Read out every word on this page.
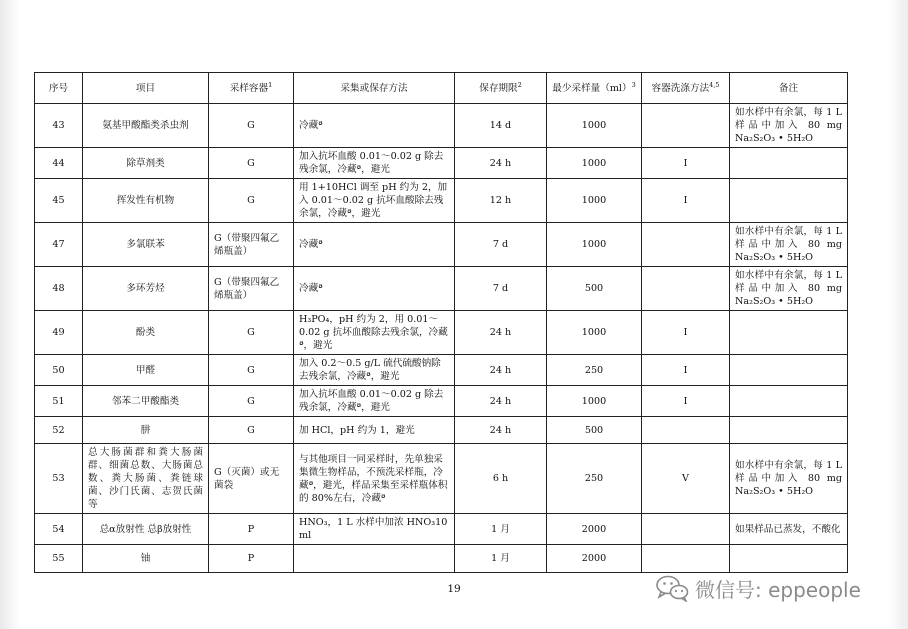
序号	项目	采样容器$^1$	采集或保存方法	保存期限$^2$	最少采样量（ml）$^3$	容器洗涤方法$^{4,5}$	备注
43	氨基甲酸酯类杀虫剂	G	冷藏ª	14 d	1000		如水样中有余氯，每 1 L 样品中加入 80 mg Na₂S₂O₃ • 5H₂O
44	除草剂类	G	加入抗坏血酸 0.01～0.02 g 除去残余氯，冷藏ª，避光	24 h	1000	I	
45	挥发性有机物	G	用 1+10HCl 调至 pH 约为 2，加入 0.01～0.02 g 抗坏血酸除去残余氯，冷藏ª，避光	12 h	1000	I	
47	多氯联苯	G（带聚四氟乙烯瓶盖）	冷藏ª	7 d	1000		如水样中有余氯，每 1 L 样品中加入 80 mg Na₂S₂O₃ • 5H₂O
48	多环芳烃	G（带聚四氟乙烯瓶盖）	冷藏ª	7 d	500		如水样中有余氯，每 1 L 样品中加入 80 mg Na₂S₂O₃ • 5H₂O
49	酚类	G	H₃PO₄，pH 约为 2，用 0.01～0.02 g 抗坏血酸除去残余氯，冷藏ª，避光	24 h	1000	I	
50	甲醛	G	加入 0.2～0.5 g/L 硫代硫酸钠除去残余氯，冷藏ª，避光	24 h	250	I	
51	邻苯二甲酸酯类	G	加入抗坏血酸 0.01～0.02 g 除去残余氯，冷藏ª，避光	24 h	1000	I	
52	肼	G	加 HCl，pH 约为 1，避光	24 h	500		
53	总大肠菌群和粪大肠菌群、细菌总数、大肠菌总数、粪大肠菌、粪链球菌、沙门氏菌、志贺氏菌等	G（灭菌）或无菌袋	与其他项目一同采样时，先单独采集微生物样品，不预洗采样瓶，冷藏ª，避光，样品采集至采样瓶体积的 80%左右，冷藏ª	6 h	250	V	如水样中有余氯，每 1 L 样品中加入 80 mg Na₂S₂O₃ • 5H₂O
54	总α放射性 总β放射性	P	HNO₃，1 L 水样中加浓 HNO₃10 ml	1 月	2000		如果样品已蒸发，不酸化
55	铀	P		1 月	2000		
19	微信号: eppeople
